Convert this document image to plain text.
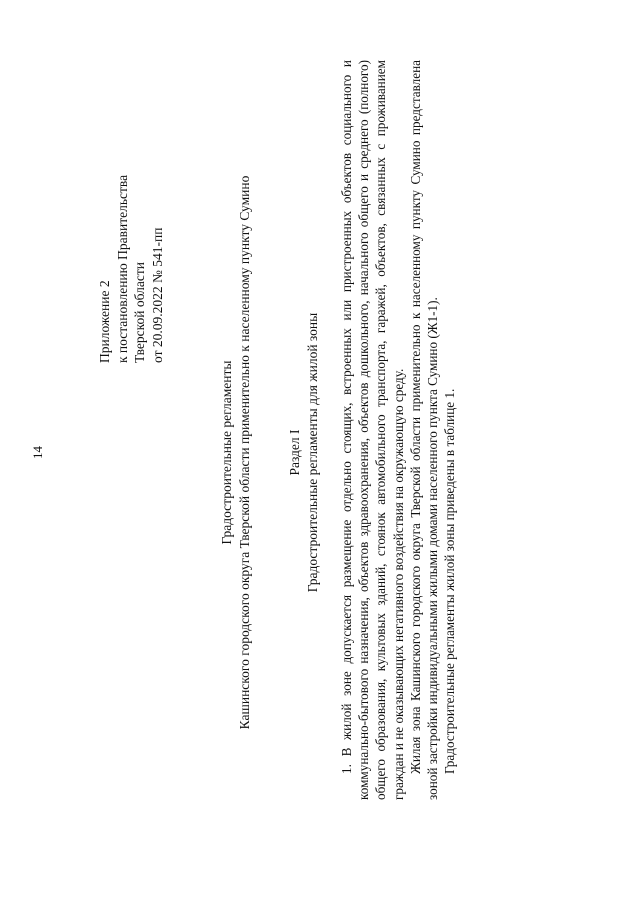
14
Приложение 2 к постановлению Правительства Тверской области от 20.09.2022 № 541-пп
Градостроительные регламенты Кашинского городского округа Тверской области применительно к населенному пункту Сумино	Раздел I Градостроительные регламенты для жилой зоны 1. В жилой зоне допускается размещение отдельно стоящих, встроенных или пристроенных объектов социального и коммунально-бытового назначения, объектов здравоохранения, объектов дошкольного, начального общего и среднего (полного) общего образования, культовых зданий, стоянок автомобильного транспорта, гаражей, объектов, связанных с проживанием граждан и не оказывающих негативного воздействия на окружающую среду. Жилая зона Кашинского городского округа Тверской области применительно к населенному пункту Сумино представлена зоной застройки индивидуальными жилыми домами населенного пункта Сумино (Ж1-1). Градостроительные регламенты жилой зоны приведены в таблице 1.
